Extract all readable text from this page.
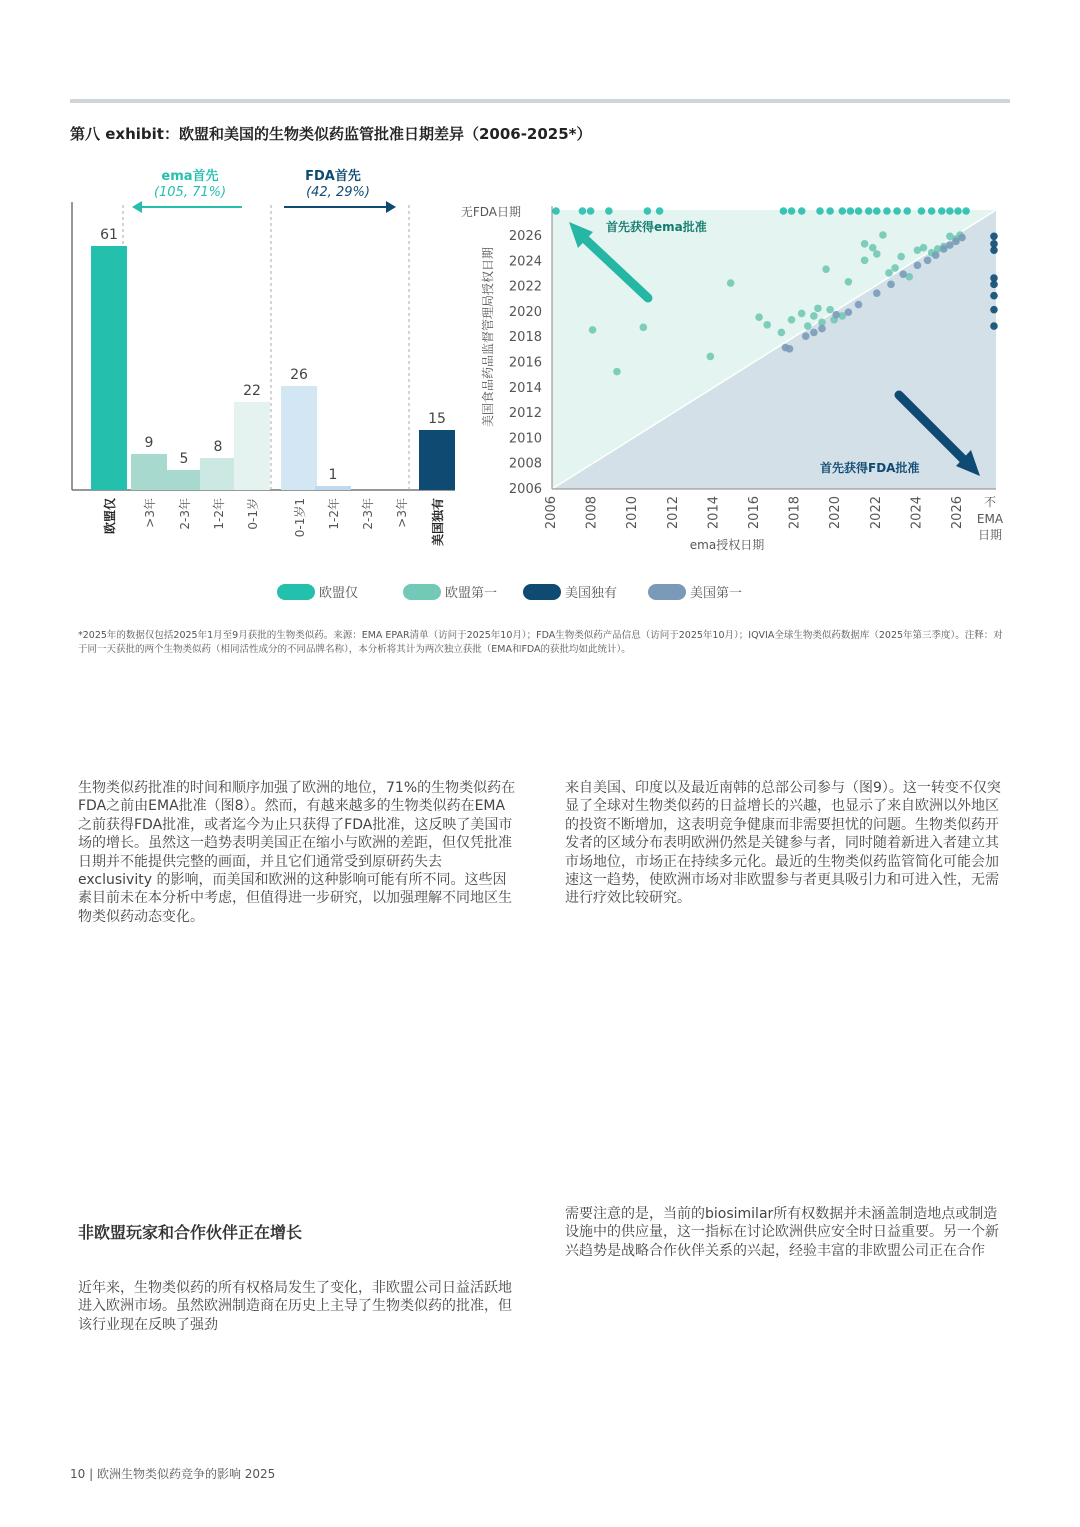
第八 exhibit：欧盟和美国的生物类似药监管批准日期差异（2006-2025*）
61
欧盟仅
9
>3年
5
2-3年
8
1-2年
22
0-1岁
26
0-1岁1
1
1-2年 2-3年 >3年
15
美国独有
ema首先
(105, 71%)
FDA首先
(42, 29%)
2006
2008
2010
2012
2014
2016
2018
2020
2022
2024
2026
无FDA日期
2006 2008 2010 2012 2014 2016 2018 2020 2022 2024 2026 不
EMA
日期
ema授权日期
美国食品药品监督管理局授权日期
首先获得ema批准
首先获得FDA批准
欧盟仅	欧盟第一	美国独有	美国第一
*2025年的数据仅包括2025年1月至9月获批的生物类似药。来源：EMA EPAR清单（访问于2025年10月）；FDA生物类似药产品信息（访问于2025年10月）；IQVIA全球生物类似药数据库（2025年第三季度）。注释：对于同一天获批的两个生物类似药（相同活性成分的不同品牌名称），本分析将其计为两次独立获批（EMA和FDA的获批均如此统计）。
生物类似药批准的时间和顺序加强了欧洲的地位，71%的生物类似药在FDA之前由EMA批准（图8）。然而，有越来越多的生物类似药在EMA之前获得FDA批准，或者迄今为止只获得了FDA批准，这反映了美国市场的增长。虽然这一趋势表明美国正在缩小与欧洲的差距，但仅凭批准日期并不能提供完整的画面，并且它们通常受到原研药失去 exclusivity 的影响，而美国和欧洲的这种影响可能有所不同。这些因素目前未在本分析中考虑，但值得进一步研究，以加强理解不同地区生物类似药动态变化。
来自美国、印度以及最近南韩的总部公司参与（图9）。这一转变不仅突显了全球对生物类似药的日益增长的兴趣，也显示了来自欧洲以外地区的投资不断增加，这表明竞争健康而非需要担忧的问题。生物类似药开发者的区域分布表明欧洲仍然是关键参与者，同时随着新进入者建立其市场地位，市场正在持续多元化。最近的生物类似药监管简化可能会加速这一趋势，使欧洲市场对非欧盟参与者更具吸引力和可进入性，无需进行疗效比较研究。
非欧盟玩家和合作伙伴正在增长
近年来，生物类似药的所有权格局发生了变化，非欧盟公司日益活跃地进入欧洲市场。虽然欧洲制造商在历史上主导了生物类似药的批准，但该行业现在反映了强劲
需要注意的是，当前的biosimilar所有权数据并未涵盖制造地点或制造设施中的供应量，这一指标在讨论欧洲供应安全时日益重要。另一个新兴趋势是战略合作伙伴关系的兴起，经验丰富的非欧盟公司正在合作
10 | 欧洲生物类似药竞争的影响 2025
